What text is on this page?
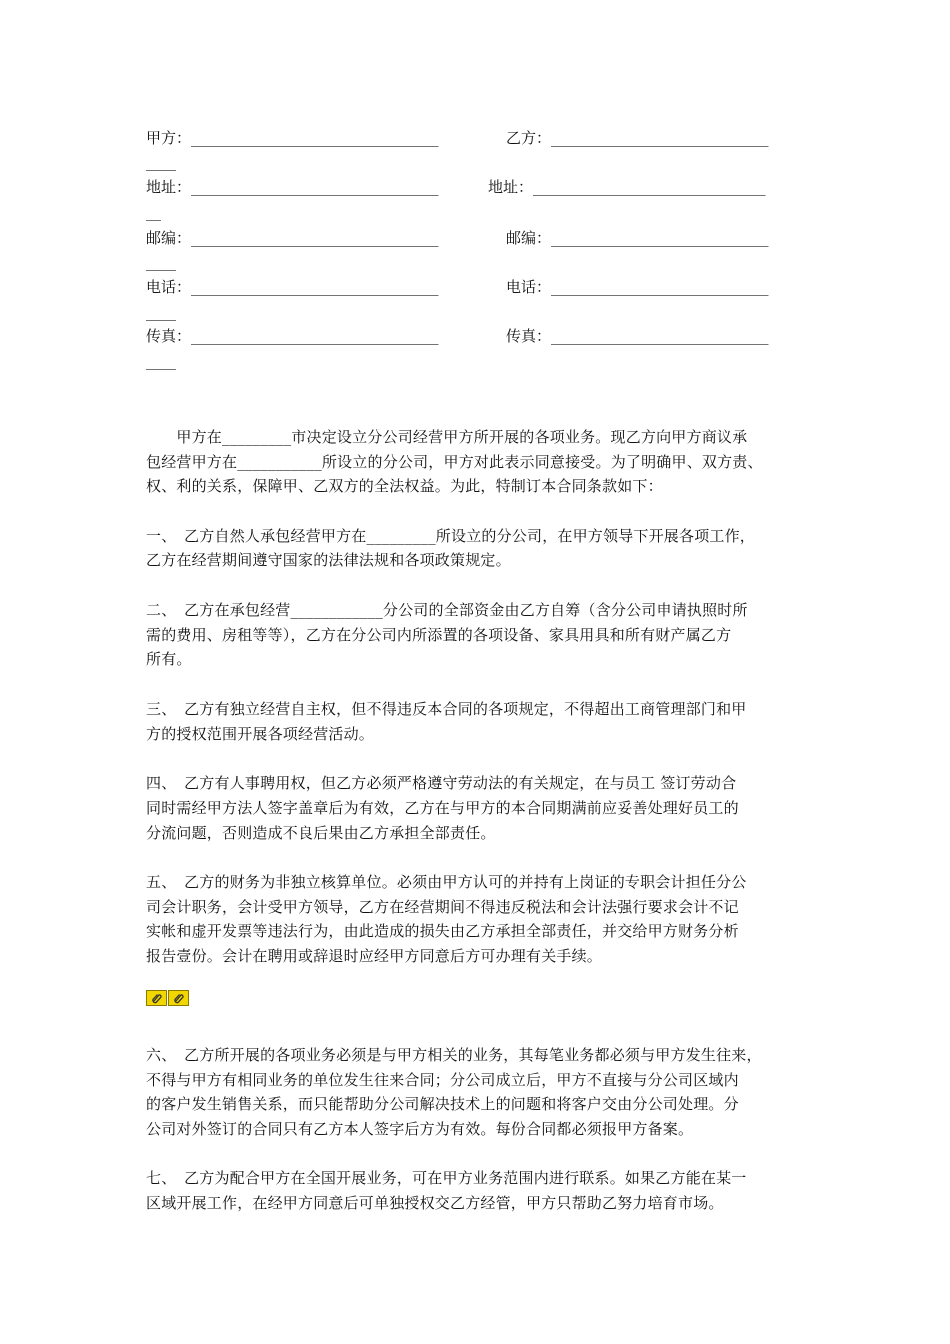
甲方：_________________________________	乙方：_____________________________
____
地址：_________________________________	地址：_______________________________
__
邮编：_________________________________	邮编：_____________________________
____
电话：_________________________________	电话：_____________________________
____
传真：_________________________________	传真：_____________________________
____
　　甲方在_________市决定设立分公司经营甲方所开展的各项业务。现乙方向甲方商议承
包经营甲方在___________所设立的分公司，甲方对此表示同意接受。为了明确甲、双方责、
权、利的关系，保障甲、乙双方的全法权益。为此，特制订本合同条款如下：
一、　乙方自然人承包经营甲方在_________所设立的分公司，在甲方领导下开展各项工作，
乙方在经营期间遵守国家的法律法规和各项政策规定。
二、　乙方在承包经营____________分公司的全部资金由乙方自筹（含分公司申请执照时所
需的费用、房租等等），乙方在分公司内所添置的各项设备、家具用具和所有财产属乙方
所有。
三、　乙方有独立经营自主权，但不得违反本合同的各项规定，不得超出工商管理部门和甲
方的授权范围开展各项经营活动。
四、　乙方有人事聘用权，但乙方必须严格遵守劳动法的有关规定，在与员工 签订劳动合
同时需经甲方法人签字盖章后为有效，乙方在与甲方的本合同期满前应妥善处理好员工的
分流问题，否则造成不良后果由乙方承担全部责任。
五、　乙方的财务为非独立核算单位。必须由甲方认可的并持有上岗证的专职会计担任分公
司会计职务，会计受甲方领导，乙方在经营期间不得违反税法和会计法强行要求会计不记
实帐和虚开发票等违法行为，由此造成的损失由乙方承担全部责任，并交给甲方财务分析
报告壹份。会计在聘用或辞退时应经甲方同意后方可办理有关手续。
六、　乙方所开展的各项业务必须是与甲方相关的业务，其每笔业务都必须与甲方发生往来，
不得与甲方有相同业务的单位发生往来合同；分公司成立后，甲方不直接与分公司区域内
的客户发生销售关系，而只能帮助分公司解决技术上的问题和将客户交由分公司处理。分
公司对外签订的合同只有乙方本人签字后方为有效。每份合同都必须报甲方备案。
七、　乙方为配合甲方在全国开展业务，可在甲方业务范围内进行联系。如果乙方能在某一
区域开展工作，在经甲方同意后可单独授权交乙方经管，甲方只帮助乙努力培育市场。
